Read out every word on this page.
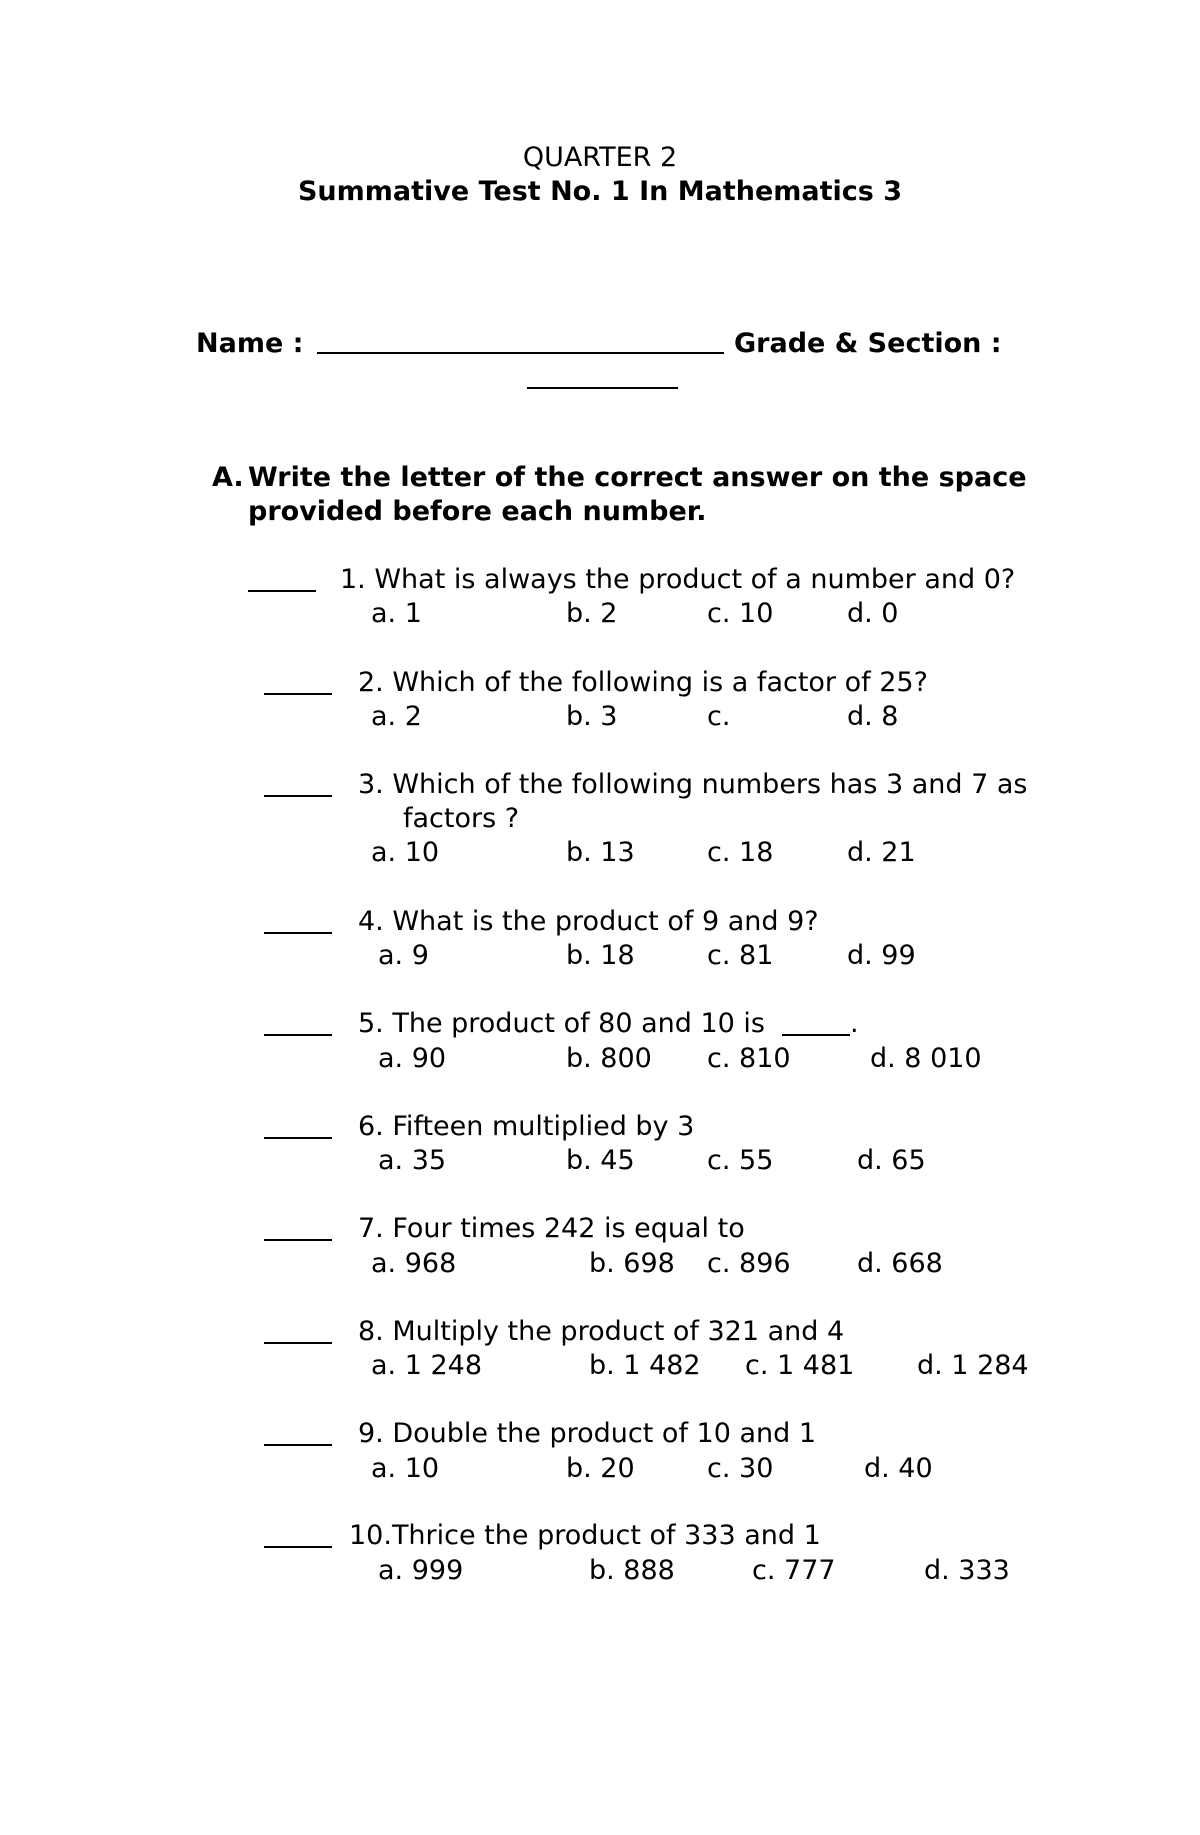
QUARTER 2
Summative Test No. 1 In Mathematics 3
Name :	Grade & Section :
A. Write the letter of the correct answer on the space
provided before each number.
1. What is always the product of a number and 0?
a. 1	b. 2	c. 10	d. 0
2. Which of the following is a factor of 25?
a. 2	b. 3	c.	d. 8
3. Which of the following numbers has 3 and 7 as
factors ?
a. 10	b. 13	c. 18	d. 21
4. What is the product of 9 and 9?
a. 9	b. 18	c. 81	d. 99
5. The product of 80 and 10 is	.
a. 90	b. 800 c. 810	d. 8 010
6. Fifteen multiplied by 3
a. 35	b. 45	c. 55	d. 65
7. Four times 242 is equal to
a. 968	b. 698 c. 896 d. 668
8. Multiply the product of 321 and 4
a. 1 248	b. 1 482 c. 1 481 d. 1 284
9. Double the product of 10 and 1
a. 10	b. 20	c. 30	d. 40
10.Thrice the product of 333 and 1
a. 999	b. 888	c. 777	d. 333
